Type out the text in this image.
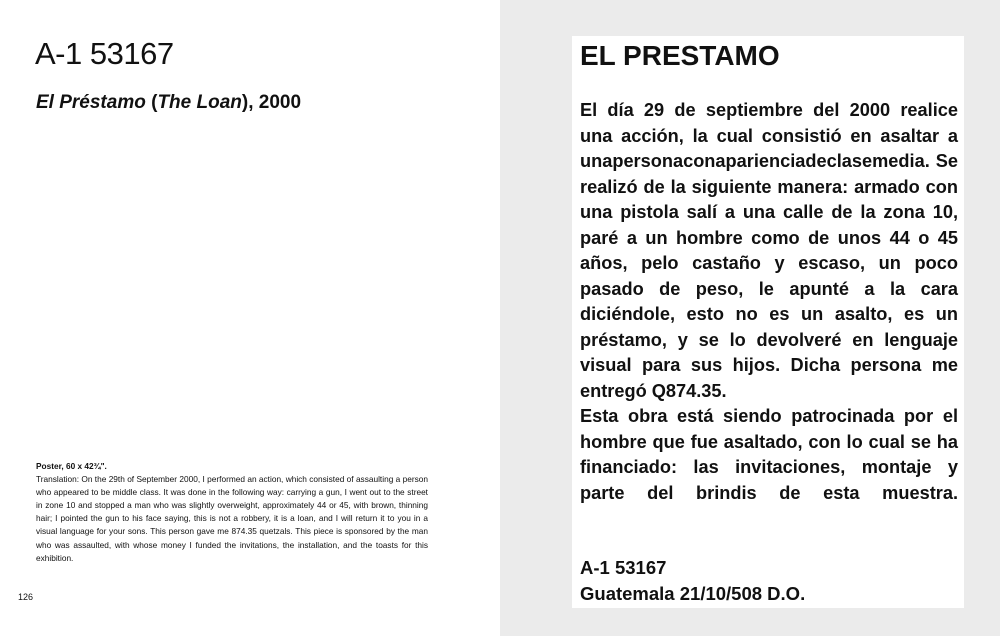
A-1 53167
El Préstamo (The Loan), 2000

Poster, 60 x 42¾".

Translation: On the 29th of September 2000, I performed an action, which consisted of assaulting a person who appeared to be middle class. It was done in the following way: carrying a gun, I went out to the street in zone 10 and stopped a man who was slightly overweight, approximately 44 or 45, with brown, thinning hair; I pointed the gun to his face saying, this is not a robbery, it is a loan, and I will return it to you in a visual language for your sons. This person gave me 874.35 quetzals. This piece is sponsored by the man who was assaulted, with whose money I funded the invitations, the installation, and the toasts for this exhibition.

126
EL PRESTAMO

El día 29 de septiembre del 2000 realice una acción, la cual consistió en asaltar a unapersonaconaparienciadeclasemedia. Se realizó de la siguiente manera: armado con una pistola salí a una calle de la zona 10, paré a un hombre como de unos 44 o 45 años, pelo castaño y escaso, un poco pasado de peso, le apunté a la cara diciéndole, esto no es un asalto, es un préstamo, y se lo devolveré en lenguaje visual para sus hijos. Dicha persona me entregó Q874.35.

Esta obra está siendo patrocinada por el hombre que fue asaltado, con lo cual se ha financiado: las invitaciones, montaje y parte del brindis de esta muestra.

A-1 53167
Guatemala 21/10/508 D.O.
